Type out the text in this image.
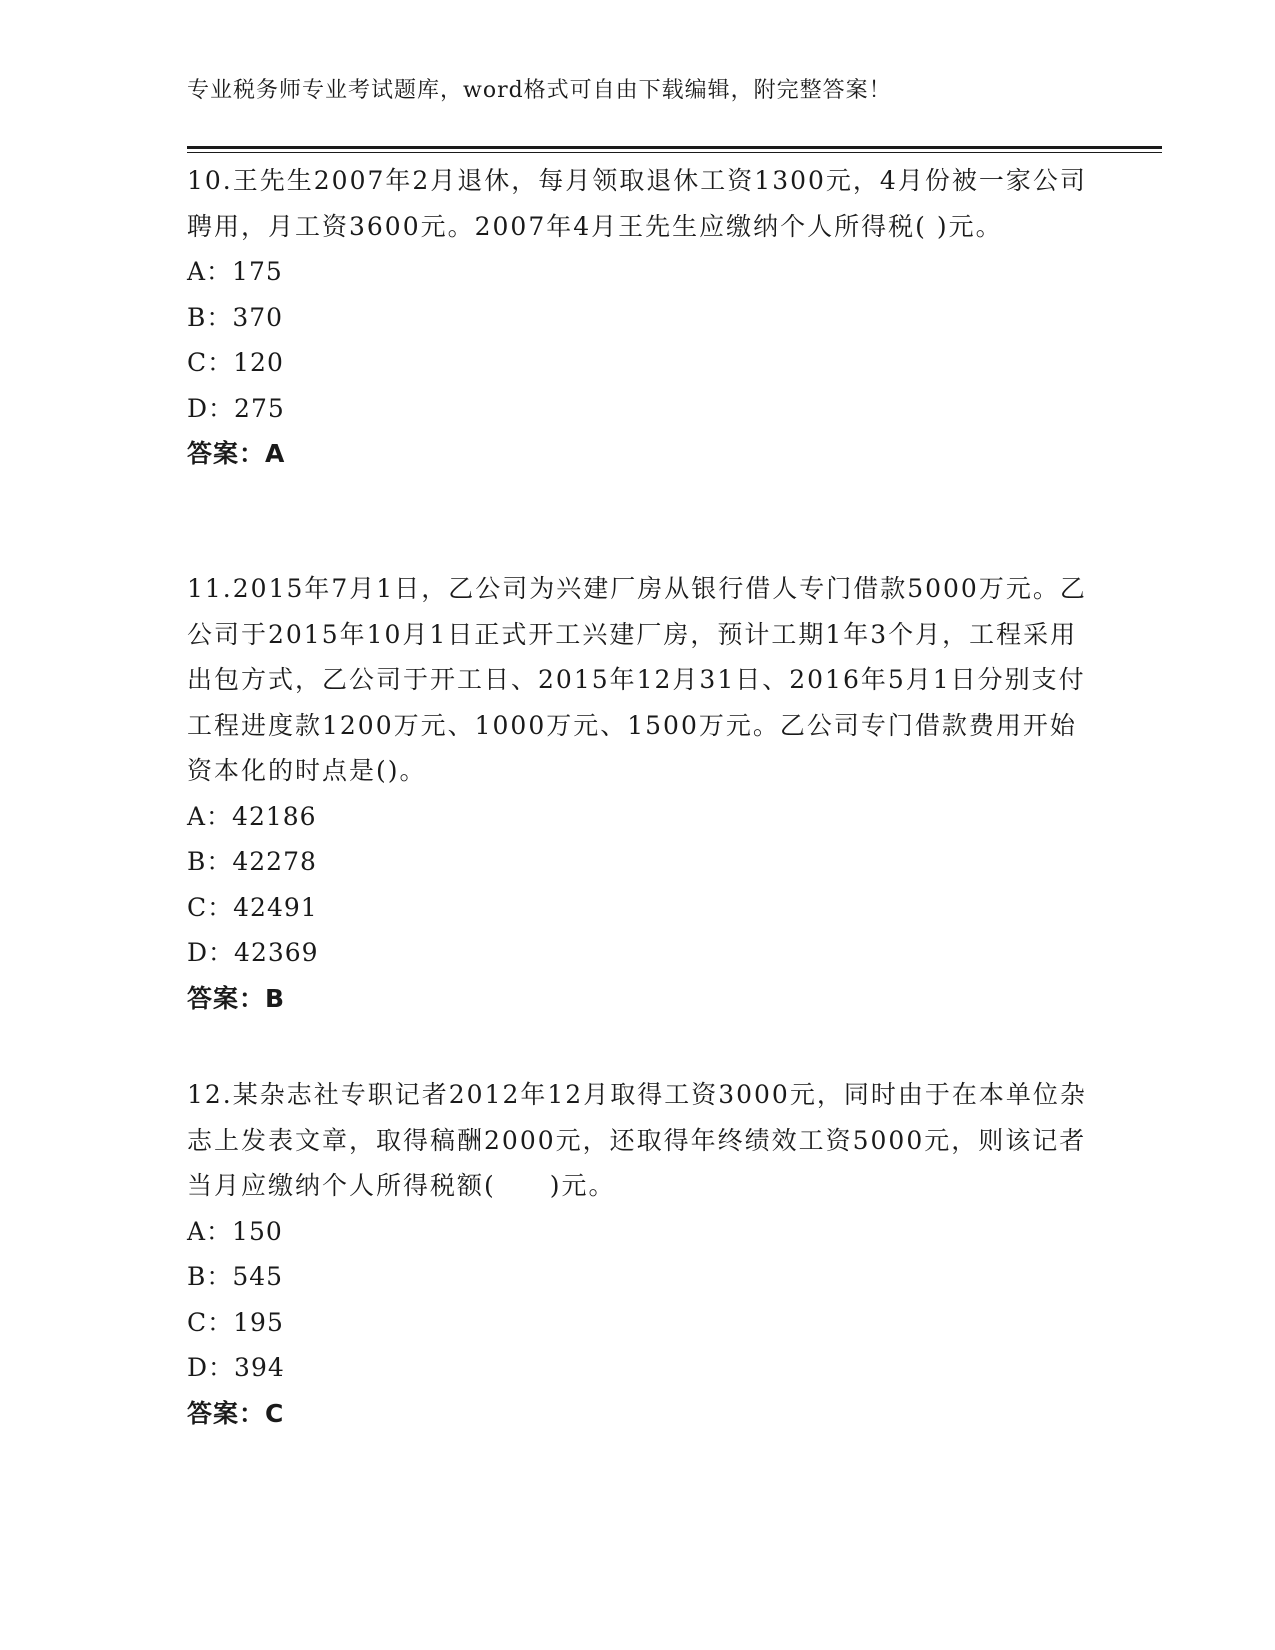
专业税务师专业考试题库，word格式可自由下载编辑，附完整答案！
10.王先生2007年2月退休，每月领取退休工资1300元，4月份被一家公司聘用，月工资3600元。2007年4月王先生应缴纳个人所得税( )元。
A：175
B：370
C：120
D：275
答案：A
11.2015年7月1日，乙公司为兴建厂房从银行借人专门借款5000万元。乙公司于2015年10月1日正式开工兴建厂房，预计工期1年3个月，工程采用出包方式，乙公司于开工日、2015年12月31日、2016年5月1日分别支付工程进度款1200万元、1000万元、1500万元。乙公司专门借款费用开始资本化的时点是()。
A：42186
B：42278
C：42491
D：42369
答案：B
12.某杂志社专职记者2012年12月取得工资3000元，同时由于在本单位杂志上发表文章，取得稿酬2000元，还取得年终绩效工资5000元，则该记者当月应缴纳个人所得税额(　　)元。
A：150
B：545
C：195
D：394
答案：C
